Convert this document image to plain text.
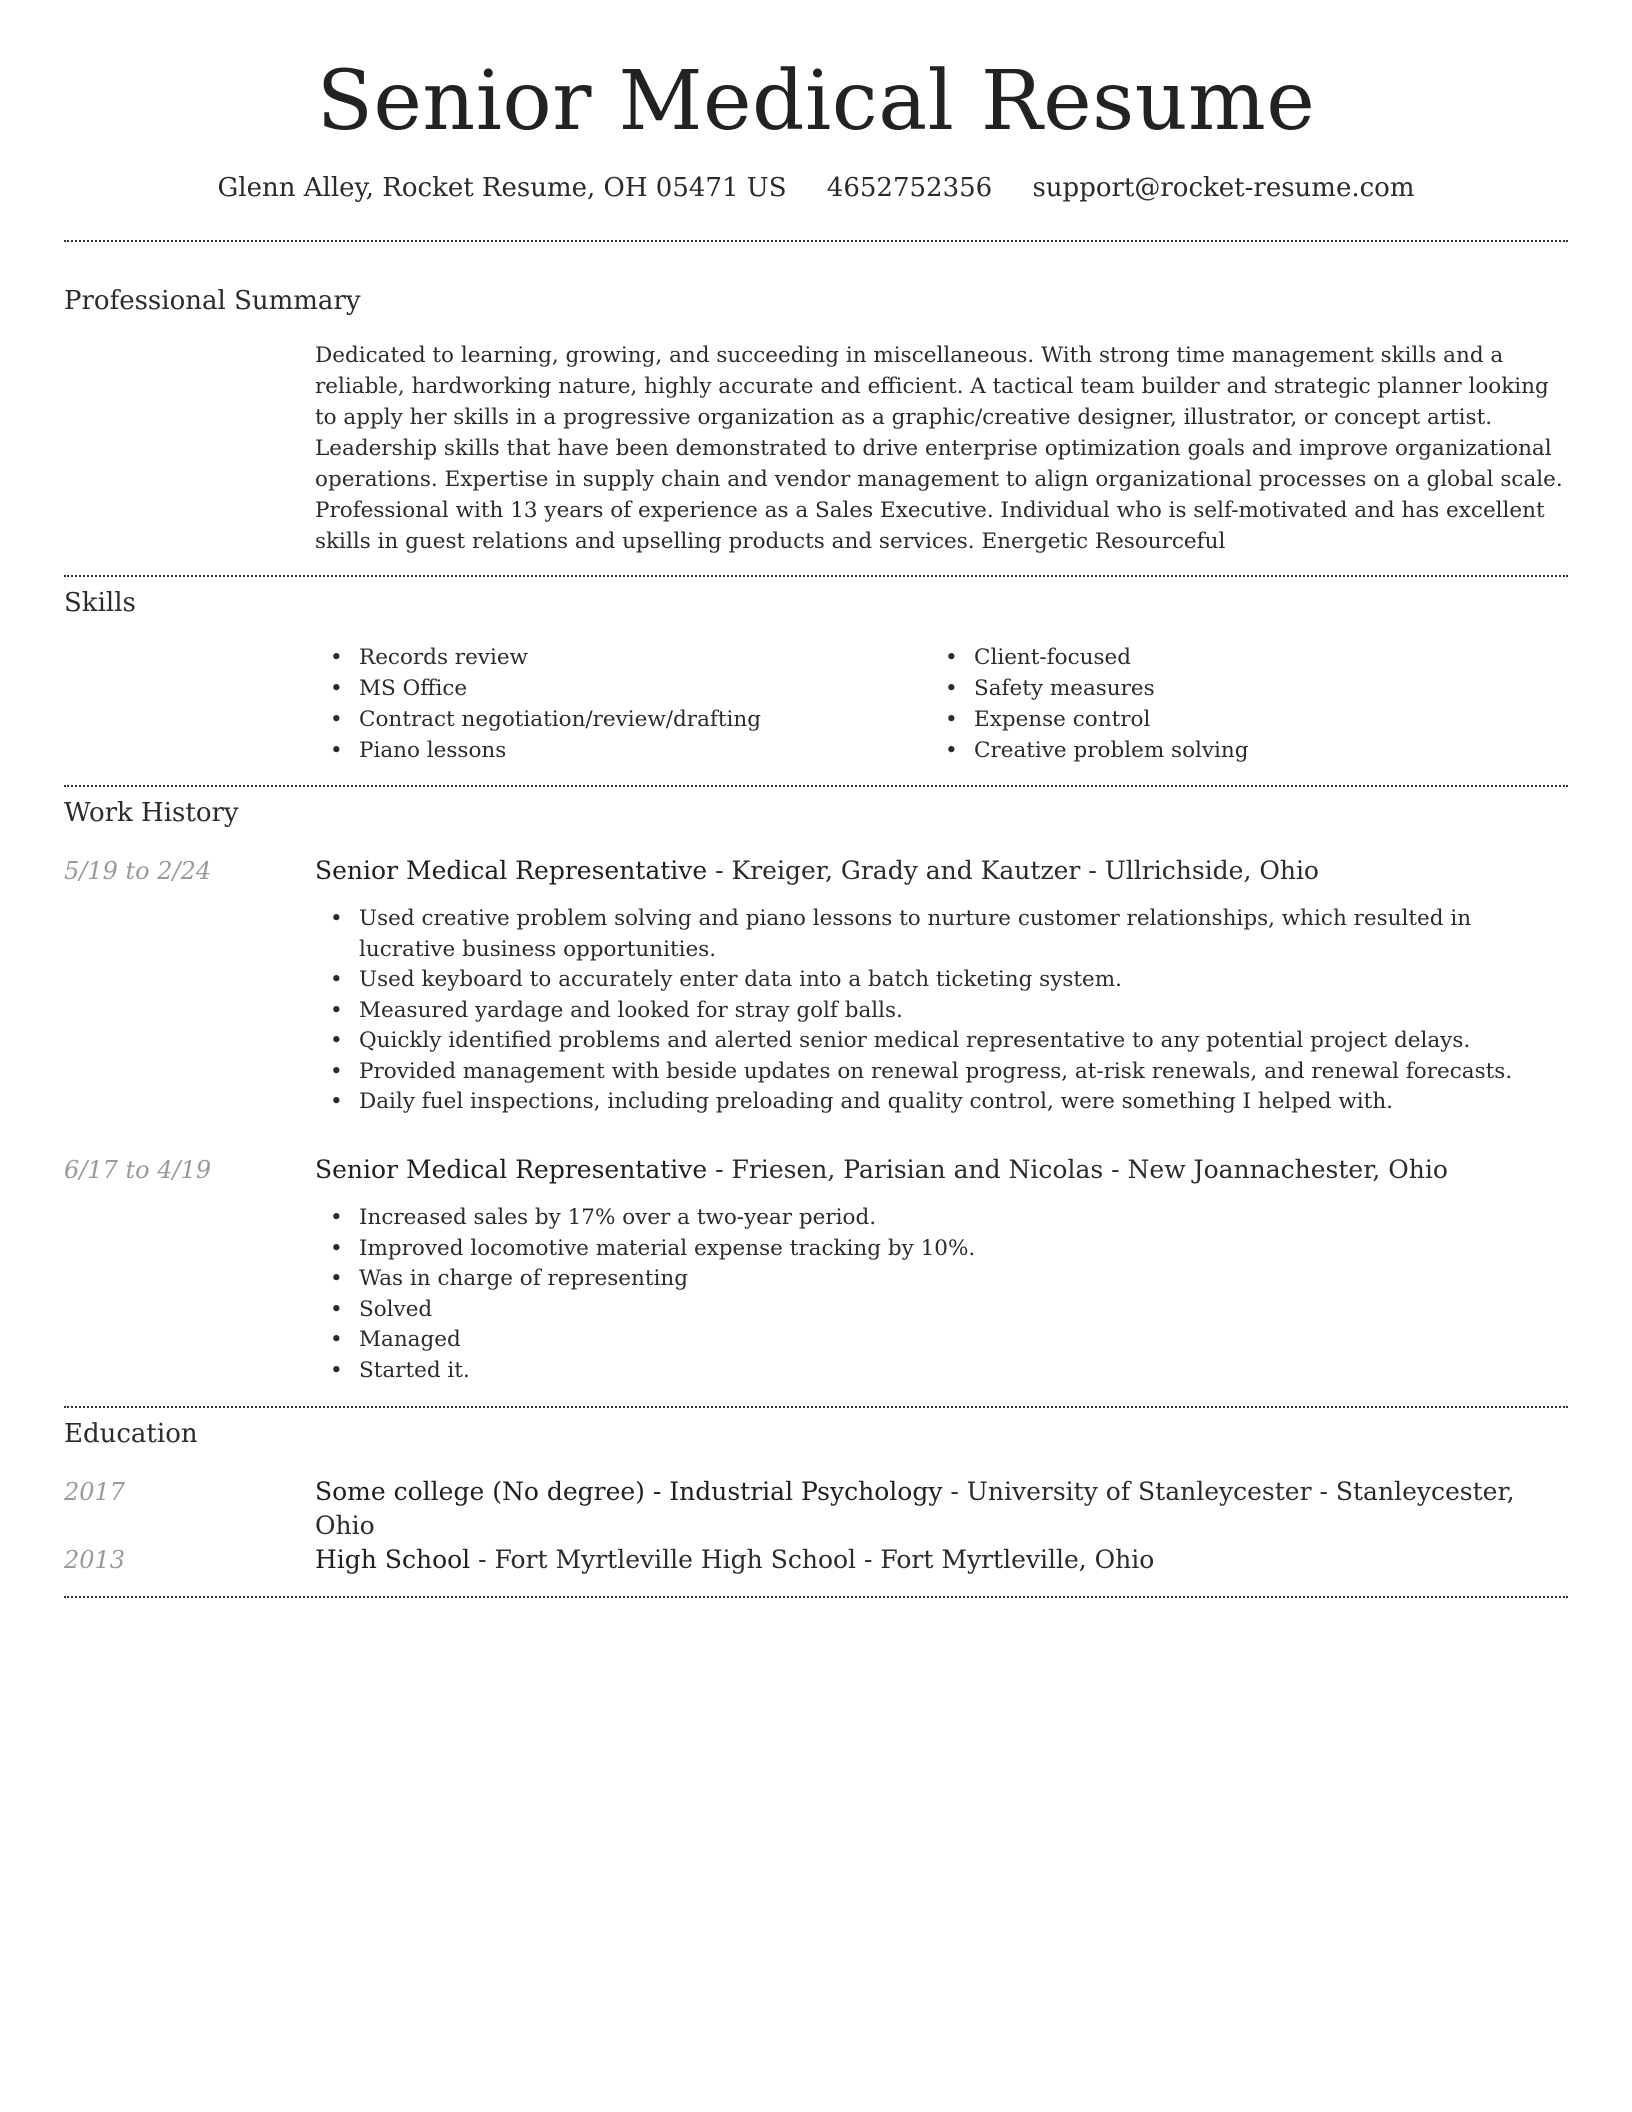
Senior Medical Resume
Glenn Alley, Rocket Resume, OH 05471 US 4652752356 support@rocket-resume.com
Professional Summary
Dedicated to learning, growing, and succeeding in miscellaneous. With strong time management skills and a reliable, hardworking nature, highly accurate and efficient. A tactical team builder and strategic planner looking to apply her skills in a progressive organization as a graphic/creative designer, illustrator, or concept artist. Leadership skills that have been demonstrated to drive enterprise optimization goals and improve organizational operations. Expertise in supply chain and vendor management to align organizational processes on a global scale. Professional with 13 years of experience as a Sales Executive. Individual who is self-motivated and has excellent skills in guest relations and upselling products and services. Energetic Resourceful
Skills
• Records review
• MS Office
• Contract negotiation/review/drafting
• Piano lessons
• Client-focused
• Safety measures
• Expense control
• Creative problem solving
Work History
5/19 to 2/24	Senior Medical Representative - Kreiger, Grady and Kautzer - Ullrichside, Ohio
• Used creative problem solving and piano lessons to nurture customer relationships, which resulted in lucrative business opportunities.
• Used keyboard to accurately enter data into a batch ticketing system.
• Measured yardage and looked for stray golf balls.
• Quickly identified problems and alerted senior medical representative to any potential project delays.
• Provided management with beside updates on renewal progress, at-risk renewals, and renewal forecasts.
• Daily fuel inspections, including preloading and quality control, were something I helped with.
6/17 to 4/19	Senior Medical Representative - Friesen, Parisian and Nicolas - New Joannachester, Ohio
• Increased sales by 17% over a two-year period.
• Improved locomotive material expense tracking by 10%.
• Was in charge of representing
• Solved
• Managed
• Started it.
Education
2017	Some college (No degree) - Industrial Psychology - University of Stanleycester - Stanleycester, Ohio
2013	High School - Fort Myrtleville High School - Fort Myrtleville, Ohio
